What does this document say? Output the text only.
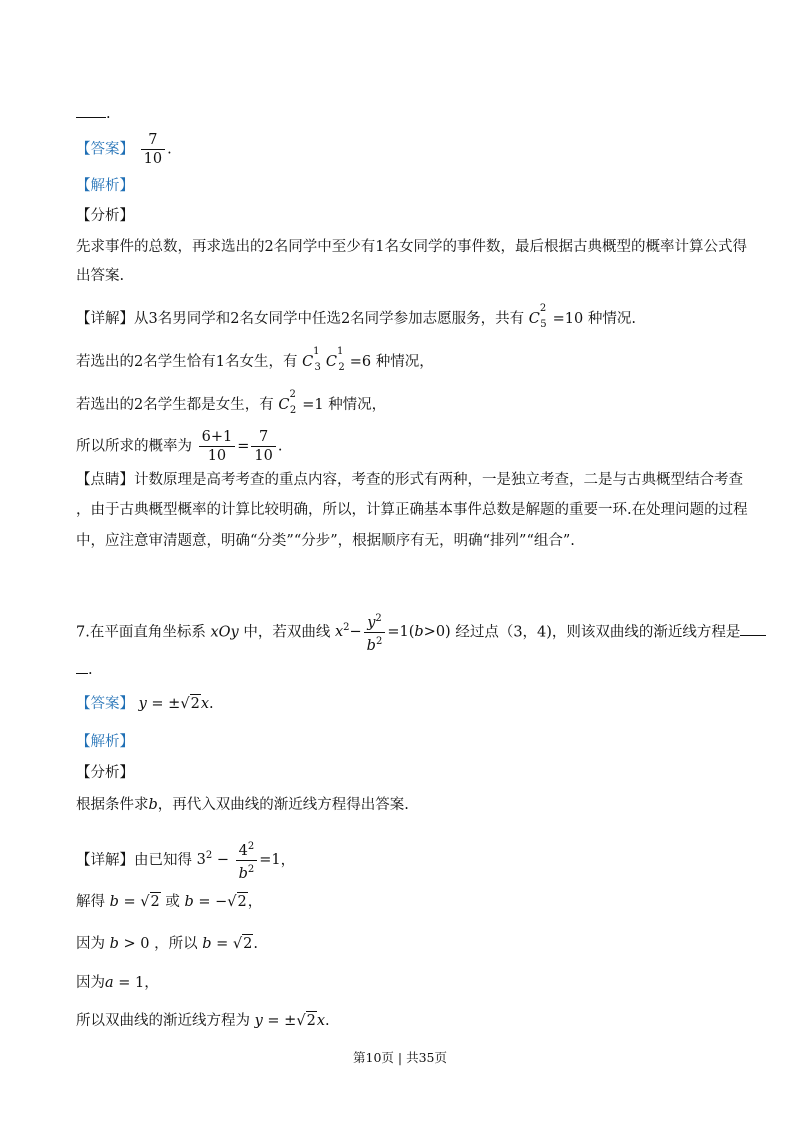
.
【答案】 $\frac{7}{10}$ .
【解析】
【分析】
先求事件的总数，再求选出的2名同学中至少有1名女同学的事件数，最后根据古典概型的概率计算公式得
出答案.
【详解】从3名男同学和2名女同学中任选2名同学参加志愿服务，共有 $C^2_5 =10$ 种情况.
若选出的2名学生恰有1名女生，有 $C^1_3$ $C^1_2 =6$ 种情况，
若选出的2名学生都是女生，有 $C^2_2 =1$ 种情况，
所以所求的概率为 $\frac{6+1}{10} = \frac{7}{10}$ .
【点睛】计数原理是高考考查的重点内容，考查的形式有两种，一是独立考查，二是与古典概型结合考查
，由于古典概型概率的计算比较明确，所以，计算正确基本事件总数是解题的重要一环.在处理问题的过程
中，应注意审清题意，明确“分类”“分步”，根据顺序有无，明确“排列”“组合”.
7.在平面直角坐标系 xOy 中，若双曲线 $x^2- \frac{y^2}{b^2} =1(b>0)$ 经过点（3，4)，则该双曲线的渐近线方程是
.
【答案】 y = ±√2x.
【解析】
【分析】
根据条件求b，再代入双曲线的渐近线方程得出答案.
【详解】由已知得 $3^2 - \frac{4^2}{b^2} =1$，
解得 b = √2 或 b = −√2，
因为 b > 0 ，所以 b = √2.
因为a = 1，
所以双曲线的渐近线方程为 y = ±√2x.
第10页 | 共35页
